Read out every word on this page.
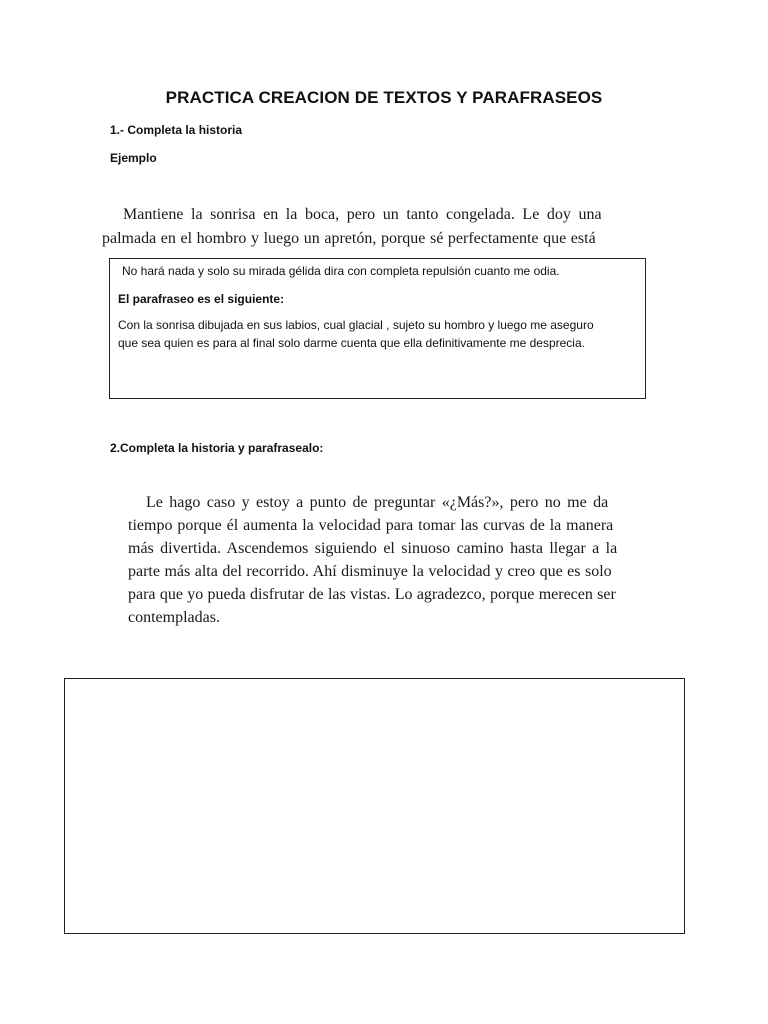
PRACTICA CREACION DE TEXTOS Y PARAFRASEOS
1.- Completa la historia
Ejemplo
Mantiene la sonrisa en la boca, pero un tanto congelada. Le doy una
palmada en el hombro y luego un apretón, porque sé perfectamente que está
No hará nada y solo su mirada gélida dira con completa repulsión cuanto me odia.
El parafraseo es el siguiente:
Con la sonrisa dibujada en sus labios, cual glacial , sujeto su hombro y luego me aseguro
que sea quien es para al final solo darme cuenta que ella definitivamente me desprecia.
2.Completa la historia y parafrasealo:
Le hago caso y estoy a punto de preguntar «¿Más?», pero no me da
tiempo porque él aumenta la velocidad para tomar las curvas de la manera
más divertida. Ascendemos siguiendo el sinuoso camino hasta llegar a la
parte más alta del recorrido. Ahí disminuye la velocidad y creo que es solo
para que yo pueda disfrutar de las vistas. Lo agradezco, porque merecen ser
contempladas.
